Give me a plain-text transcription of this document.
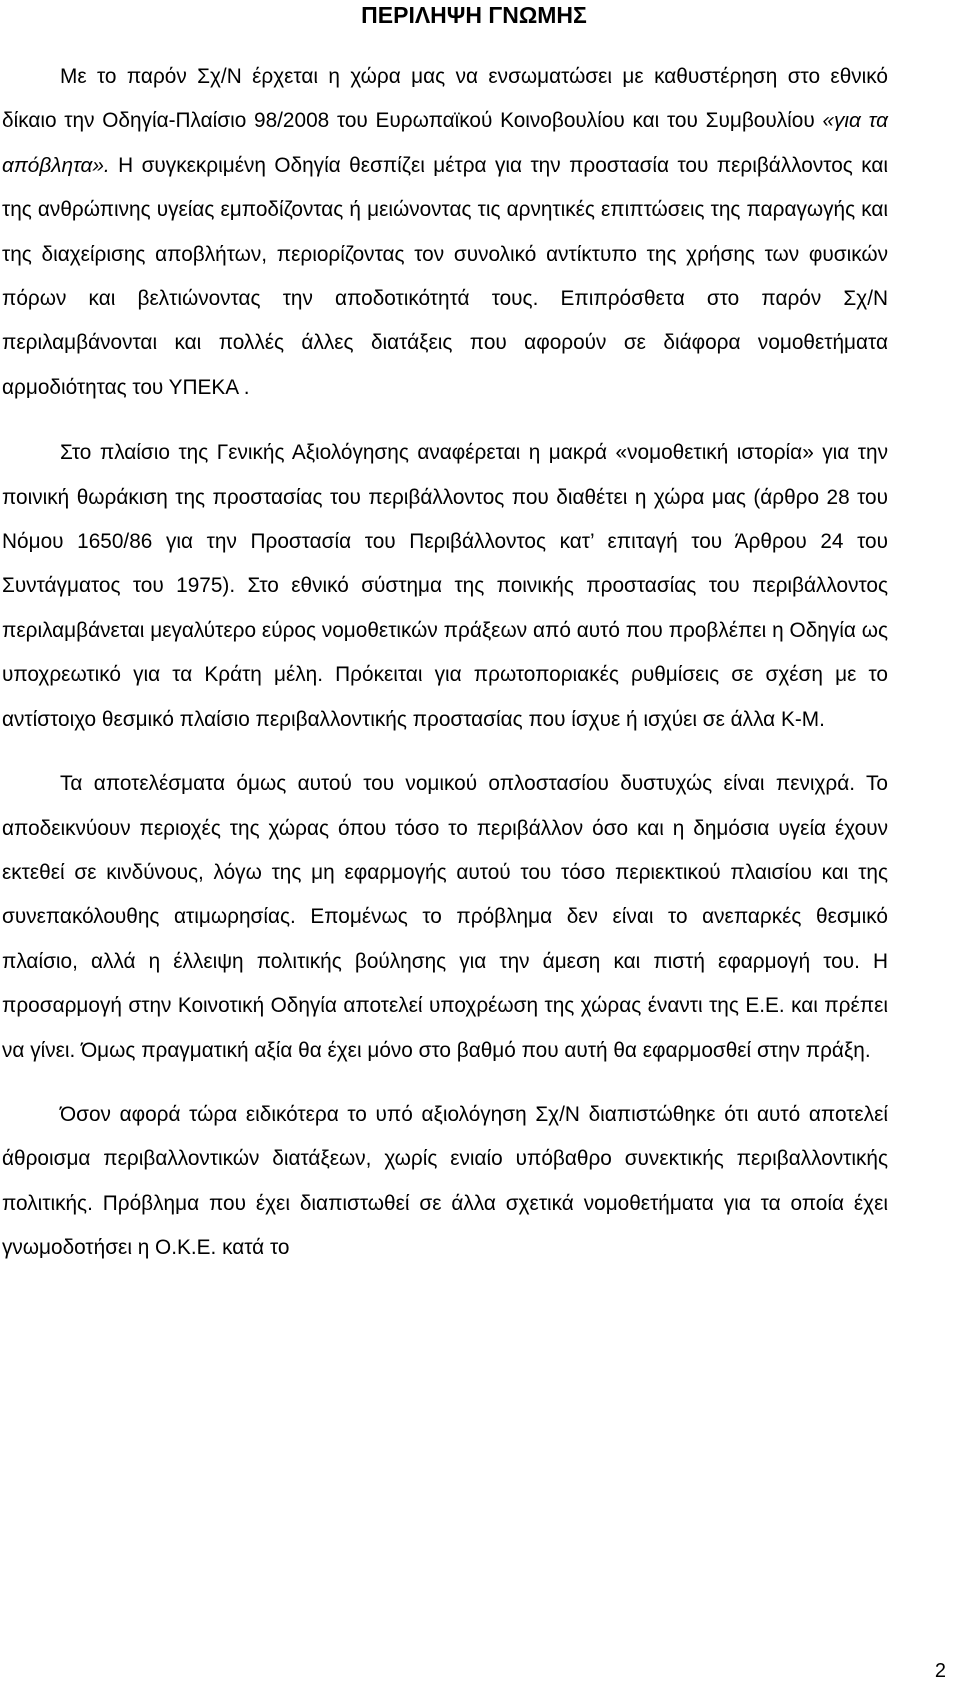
ΠΕΡΙΛΗΨΗ ΓΝΩΜΗΣ

Με το παρόν Σχ/Ν έρχεται η χώρα μας να ενσωματώσει με καθυστέρηση στο εθνικό δίκαιο την Οδηγία-Πλαίσιο 98/2008 του Ευρωπαϊκού Κοινοβουλίου και του Συμβουλίου «για τα απόβλητα». Η συγκεκριμένη Οδηγία θεσπίζει μέτρα για την προστασία του περιβάλλοντος και της ανθρώπινης υγείας εμποδίζοντας ή μειώνοντας τις αρνητικές επιπτώσεις της παραγωγής και της διαχείρισης αποβλήτων, περιορίζοντας τον συνολικό αντίκτυπο της χρήσης των φυσικών πόρων και βελτιώνοντας την αποδοτικότητά τους. Επιπρόσθετα στο παρόν Σχ/Ν περιλαμβάνονται και πολλές άλλες διατάξεις που αφορούν σε διάφορα νομοθετήματα αρμοδιότητας του ΥΠΕΚΑ .

Στο πλαίσιο της Γενικής Αξιολόγησης αναφέρεται η μακρά «νομοθετική ιστορία» για την ποινική θωράκιση της προστασίας του περιβάλλοντος που διαθέτει η χώρα μας (άρθρο 28 του Νόμου 1650/86 για την Προστασία του Περιβάλλοντος κατ’ επιταγή του Άρθρου 24 του Συντάγματος του 1975). Στο εθνικό σύστημα της ποινικής προστασίας του περιβάλλοντος περιλαμβάνεται μεγαλύτερο εύρος νομοθετικών πράξεων από αυτό που προβλέπει η Οδηγία ως υποχρεωτικό για τα Κράτη μέλη. Πρόκειται για πρωτοποριακές ρυθμίσεις σε σχέση με το αντίστοιχο θεσμικό πλαίσιο περιβαλλοντικής προστασίας που ίσχυε ή ισχύει σε άλλα Κ-Μ.

Τα αποτελέσματα όμως αυτού του νομικού οπλοστασίου δυστυχώς είναι πενιχρά. Το αποδεικνύουν περιοχές της χώρας όπου τόσο το περιβάλλον όσο και η δημόσια υγεία έχουν εκτεθεί σε κινδύνους, λόγω της μη εφαρμογής αυτού του τόσο περιεκτικού πλαισίου και της συνεπακόλουθης ατιμωρησίας. Επομένως το πρόβλημα δεν είναι το ανεπαρκές θεσμικό πλαίσιο, αλλά η έλλειψη πολιτικής βούλησης για την άμεση και πιστή εφαρμογή του. Η προσαρμογή στην Κοινοτική Οδηγία αποτελεί υποχρέωση της χώρας έναντι της Ε.Ε. και πρέπει να γίνει. Όμως πραγματική αξία θα έχει μόνο στο βαθμό που αυτή θα εφαρμοσθεί στην πράξη.

Όσον αφορά τώρα ειδικότερα το υπό αξιολόγηση Σχ/Ν διαπιστώθηκε ότι αυτό αποτελεί άθροισμα περιβαλλοντικών διατάξεων, χωρίς ενιαίο υπόβαθρο συνεκτικής περιβαλλοντικής πολιτικής. Πρόβλημα που έχει διαπιστωθεί σε άλλα σχετικά νομοθετήματα για τα οποία έχει γνωμοδοτήσει η Ο.Κ.Ε. κατά το

2
